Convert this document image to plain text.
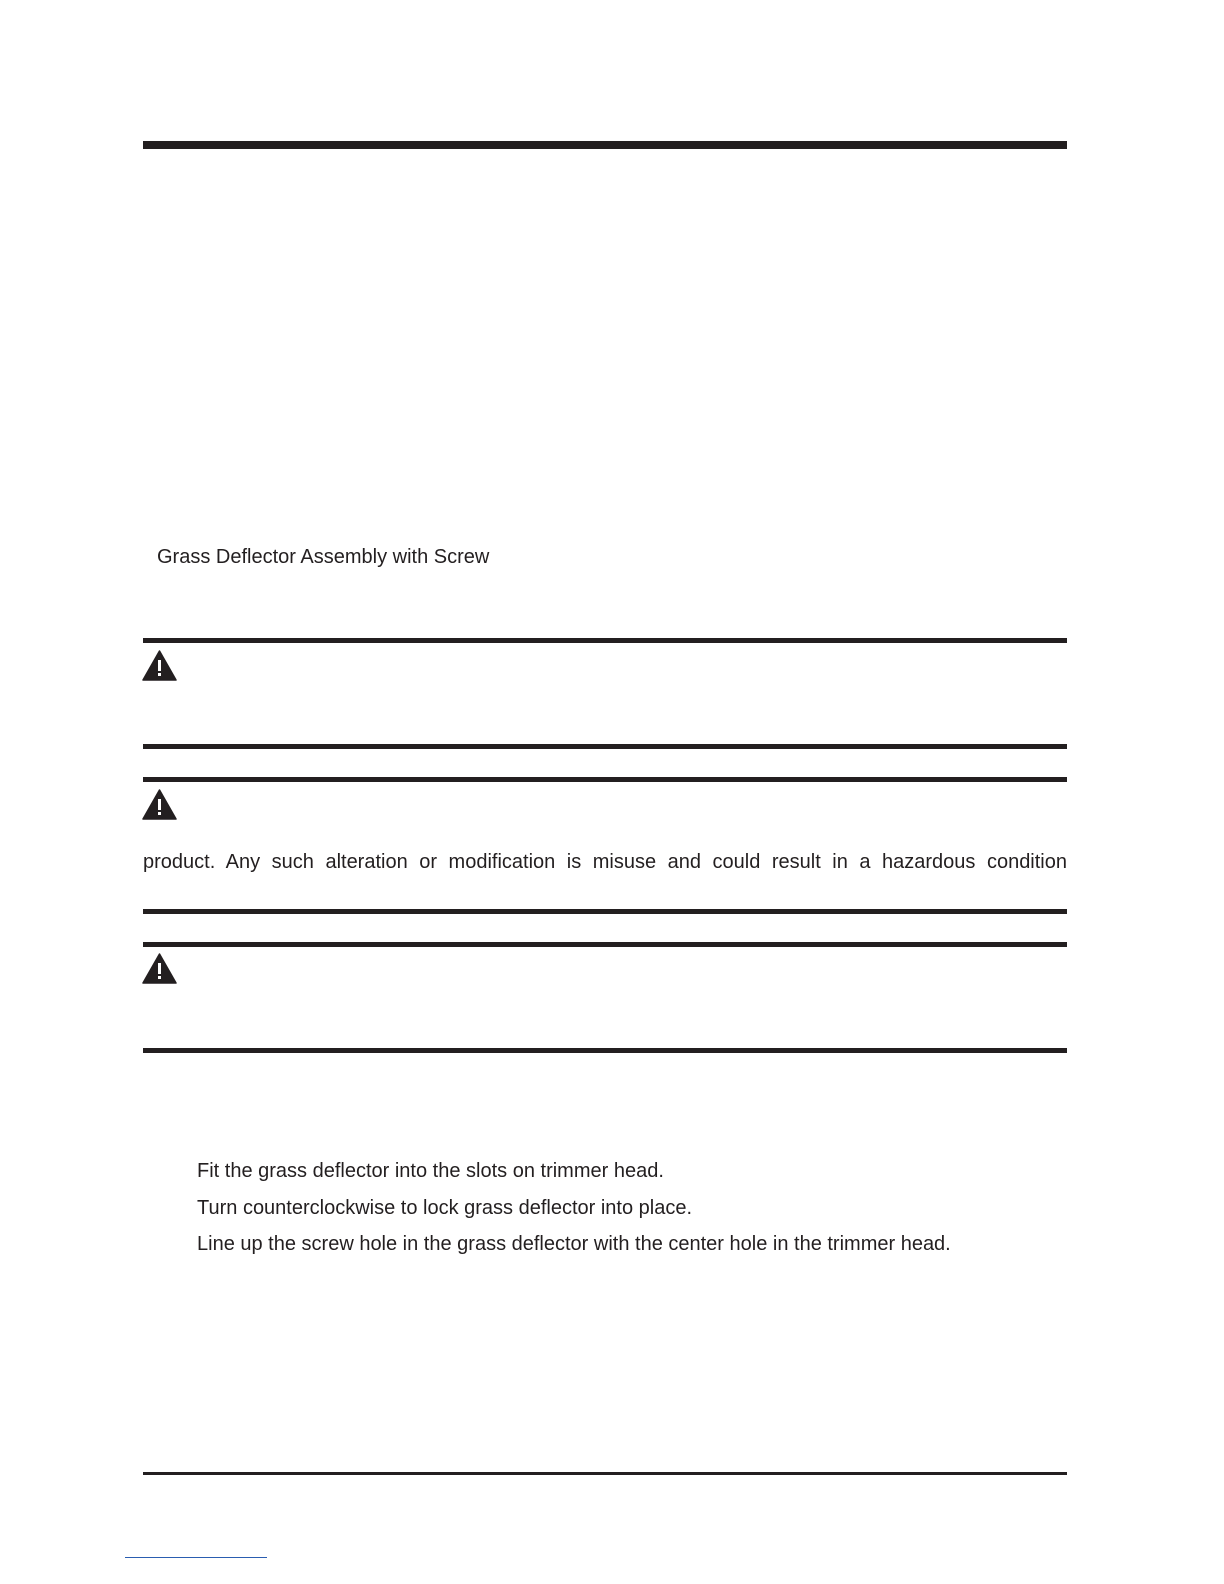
Grass Deflector Assembly with Screw
product. Any such alteration or modification is misuse and could result in a hazardous condition
Fit the grass deflector into the slots on trimmer head.
Turn counterclockwise to lock grass deflector into place.
Line up the screw hole in the grass deflector with the center hole in the trimmer head.
